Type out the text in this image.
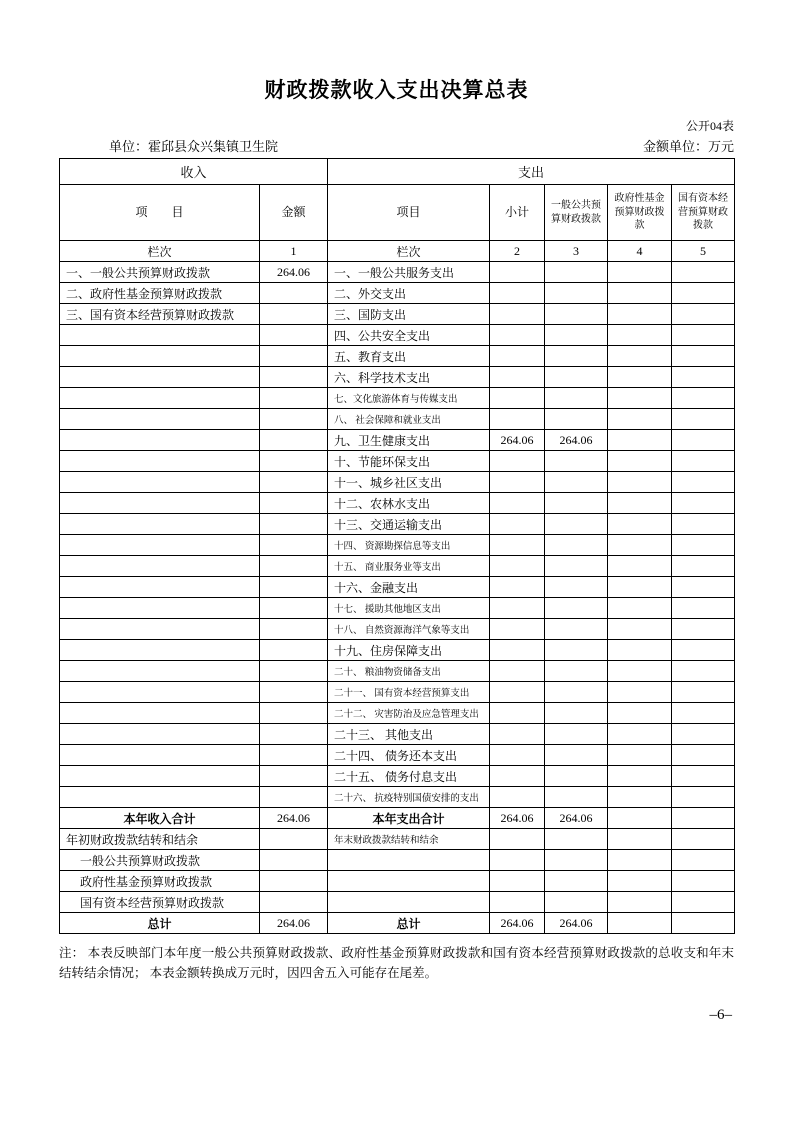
财政拨款收入支出决算总表
公开04表
单位：霍邱县众兴集镇卫生院	金额单位：万元
收入		支出				
项目	金额	项目	小计	一般公共预算财政拨款	政府性基金预算财政拨款	国有资本经营预算财政拨款
栏次	1	栏次	2	3	4	5
一、一般公共预算财政拨款	264.06	一、一般公共服务支出				
二、政府性基金预算财政拨款		二、外交支出				
三、国有资本经营预算财政拨款		三、国防支出				
		四、公共安全支出				
		五、教育支出				
		六、科学技术支出				
		七、文化旅游体育与传媒支出				
		八、 社会保障和就业支出				
		九、卫生健康支出	264.06	264.06		
		十、节能环保支出				
		十一、城乡社区支出				
		十二、农林水支出				
		十三、交通运输支出				
		十四、 资源勘探信息等支出				
		十五、 商业服务业等支出				
		十六、金融支出				
		十七、 援助其他地区支出				
		十八、 自然资源海洋气象等支出				
		十九、住房保障支出				
		二十、 粮油物资储备支出				
		二十一、 国有资本经营预算支出				
		二十二、 灾害防治及应急管理支出				
		二十三、 其他支出				
		二十四、 债务还本支出				
		二十五、 债务付息支出				
		二十六、 抗疫特别国债安排的支出				
本年收入合计	264.06	本年支出合计	264.06	264.06		
年初财政拨款结转和结余		年末财政拨款结转和结余				
一般公共预算财政拨款						
政府性基金预算财政拨款						
国有资本经营预算财政拨款						
总计	264.06	总计	264.06	264.06		
注： 本表反映部门本年度一般公共预算财政拨款、政府性基金预算财政拨款和国有资本经营预算财政拨款的总收支和年末结转结余情况； 本表金额转换成万元时，因四舍五入可能存在尾差。
–6–
